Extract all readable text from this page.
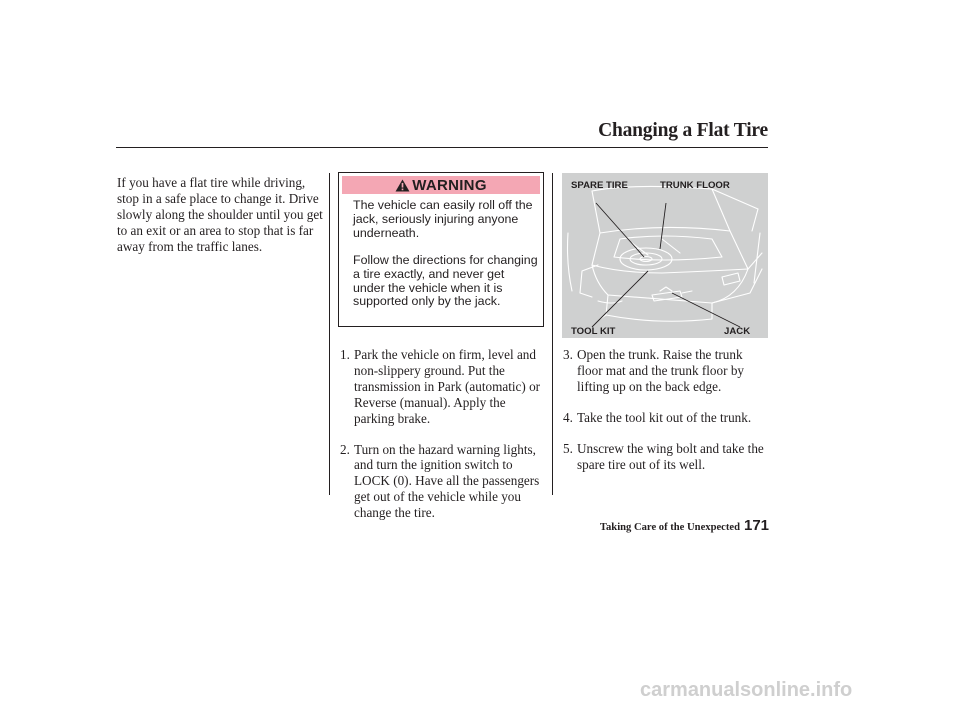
Changing a Flat Tire

If you have a flat tire while driving, stop in a safe place to change it. Drive slowly along the shoulder until you get to an exit or an area to stop that is far away from the traffic lanes.

WARNING

The vehicle can easily roll off the jack, seriously injuring anyone underneath.

Follow the directions for changing a tire exactly, and never get under the vehicle when it is supported only by the jack.

1. Park the vehicle on firm, level and non-slippery ground. Put the transmission in Park (automatic) or Reverse (manual). Apply the parking brake.
2. Turn on the hazard warning lights, and turn the ignition switch to LOCK (0). Have all the passengers get out of the vehicle while you change the tire.
SPARE TIRE	TRUNK FLOOR
TOOL KIT	JACK
3. Open the trunk. Raise the trunk floor mat and the trunk floor by lifting up on the back edge.
4. Take the tool kit out of the trunk.
5. Unscrew the wing bolt and take the spare tire out of its well.
Taking Care of the Unexpected 171
carmanualsonline.info
